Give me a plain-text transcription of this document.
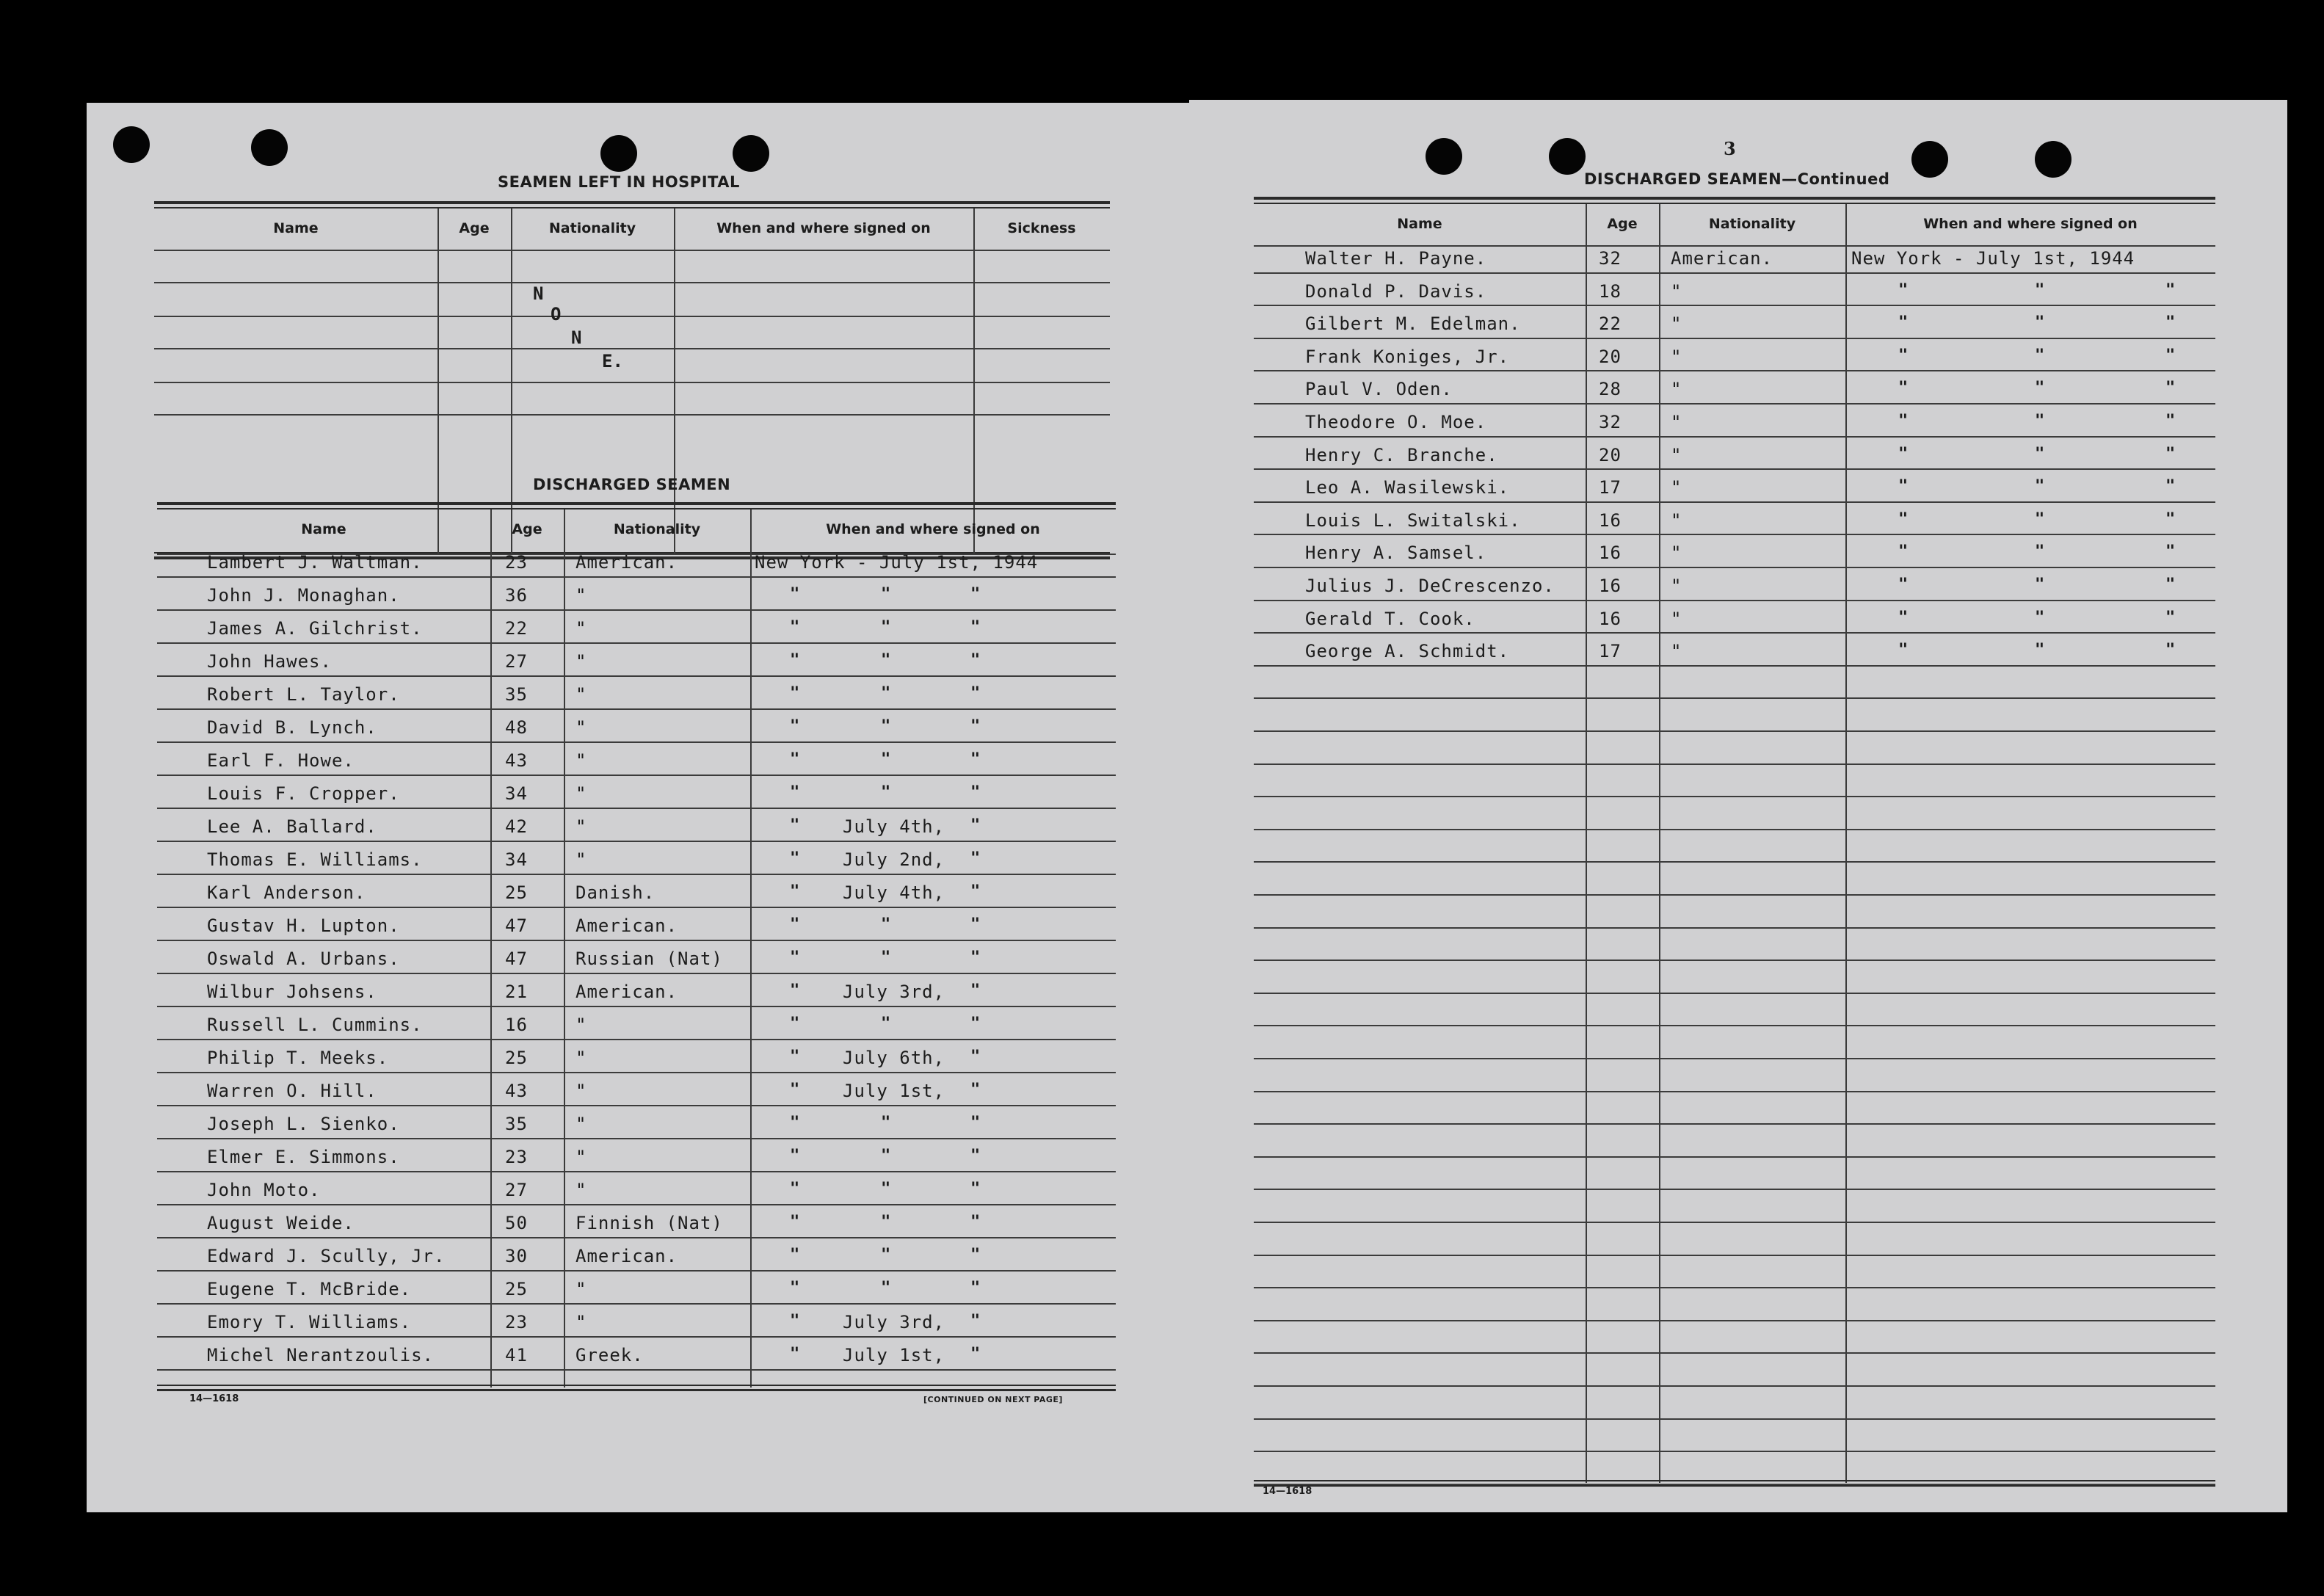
SEAMEN LEFT IN HOSPITAL
Name	Age	Nationality	When and where signed on	Sickness
N
O
N
E.
DISCHARGED SEAMEN
Name	Age	Nationality	When and where signed on
Lambert J. Waltman.	23	American.	New York - July 1st, 1944
John J. Monaghan.	36	"	"	"	"
James A. Gilchrist.	22	"	"	"	"
John Hawes.	27	"	"	"	"
Robert L. Taylor.	35	"	"	"	"
David B. Lynch.	48	"	"	"	"
Earl F. Howe.	43	"	"	"	"
Louis F. Cropper.	34	"	"	"	"
Lee A. Ballard.	42	"	" July 4th, "
Thomas E. Williams.	34	"	" July 2nd, "
Karl Anderson.	25	Danish.	" July 4th, "
Gustav H. Lupton.	47	American.	"	"	"
Oswald A. Urbans.	47	Russian (Nat)	"	"	"
Wilbur Johsens.	21	American.	" July 3rd, "
Russell L. Cummins.	16	"	"	"	"
Philip T. Meeks.	25	"	" July 6th, "
Warren O. Hill.	43	"	" July 1st, "
Joseph L. Sienko.	35	"	"	"	"
Elmer E. Simmons.	23	"	"	"	"
John Moto.	27	"	"	"	"
August Weide.	50	Finnish (Nat)	"	"	"
Edward J. Scully, Jr.	30	American.	"	"	"
Eugene T. McBride.	25	"	"	"	"
Emory T. Williams.	23	"	" July 3rd, "
Michel Nerantzoulis.	41	Greek.	" July 1st, "
14—1618	[CONTINUED ON NEXT PAGE]
3
DISCHARGED SEAMEN—Continued
Name	Age	Nationality	When and where signed on
Walter H. Payne.	32	American.	New York - July 1st, 1944
Donald P. Davis.	18	"	"	"	"
Gilbert M. Edelman.	22	"	"	"	"
Frank Koniges, Jr.	20	"	"	"	"
Paul V. Oden.	28	"	"	"	"
Theodore O. Moe.	32	"	"	"	"
Henry C. Branche.	20	"	"	"	"
Leo A. Wasilewski.	17	"	"	"	"
Louis L. Switalski.	16	"	"	"	"
Henry A. Samsel.	16	"	"	"	"
Julius J. DeCrescenzo.	16	"	"	"	"
Gerald T. Cook.	16	"	"	"	"
George A. Schmidt.	17	"	"	"	"
14—1618
